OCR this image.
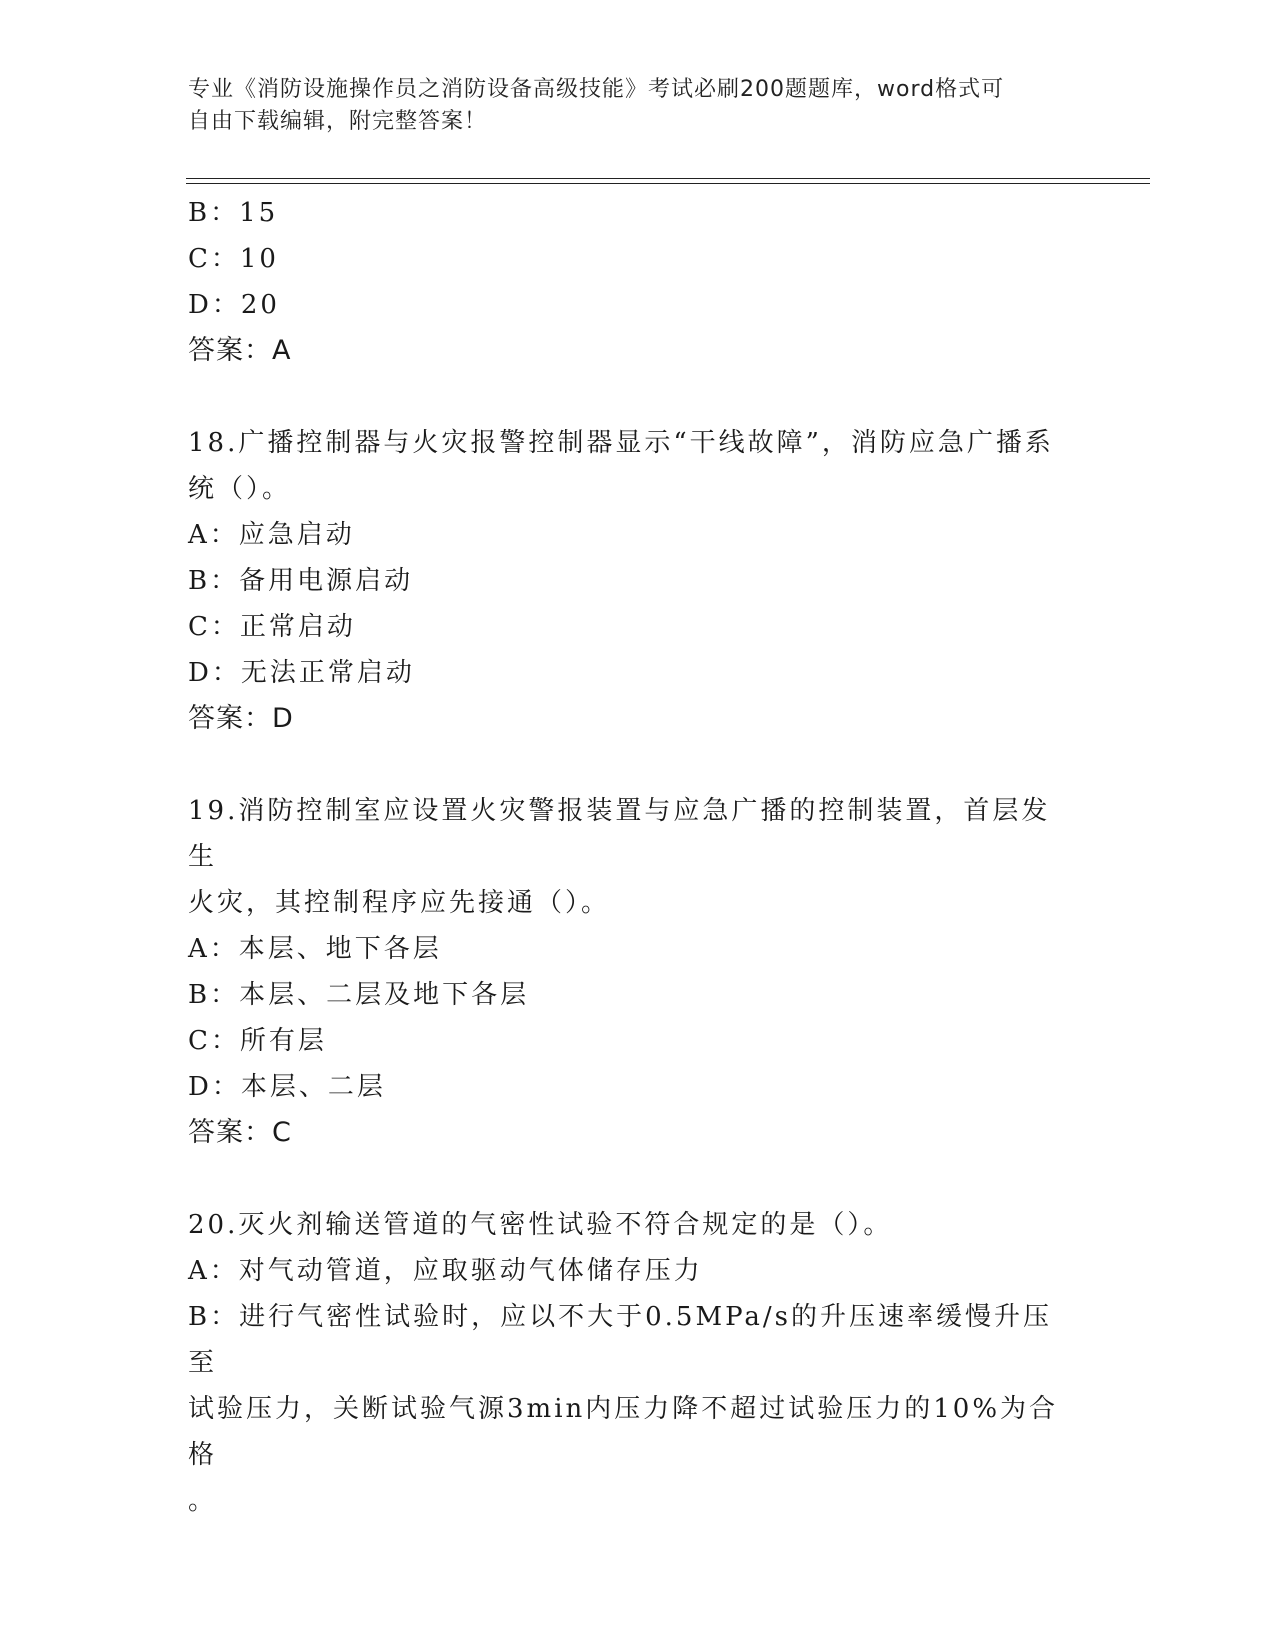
专业《消防设施操作员之消防设备高级技能》考试必刷200题题库，word格式可
自由下载编辑，附完整答案！
B：15
C：10
D：20
答案：A
18.广播控制器与火灾报警控制器显示“干线故障”，消防应急广播系
统（）。
A：应急启动
B：备用电源启动
C：正常启动
D：无法正常启动
答案：D
19.消防控制室应设置火灾警报装置与应急广播的控制装置，首层发生
火灾，其控制程序应先接通（）。
A：本层、地下各层
B：本层、二层及地下各层
C：所有层
D：本层、二层
答案：C
20.灭火剂输送管道的气密性试验不符合规定的是（）。
A：对气动管道，应取驱动气体储存压力
B：进行气密性试验时，应以不大于0.5MPa/s的升压速率缓慢升压至
试验压力，关断试验气源3min内压力降不超过试验压力的10%为合格
。
